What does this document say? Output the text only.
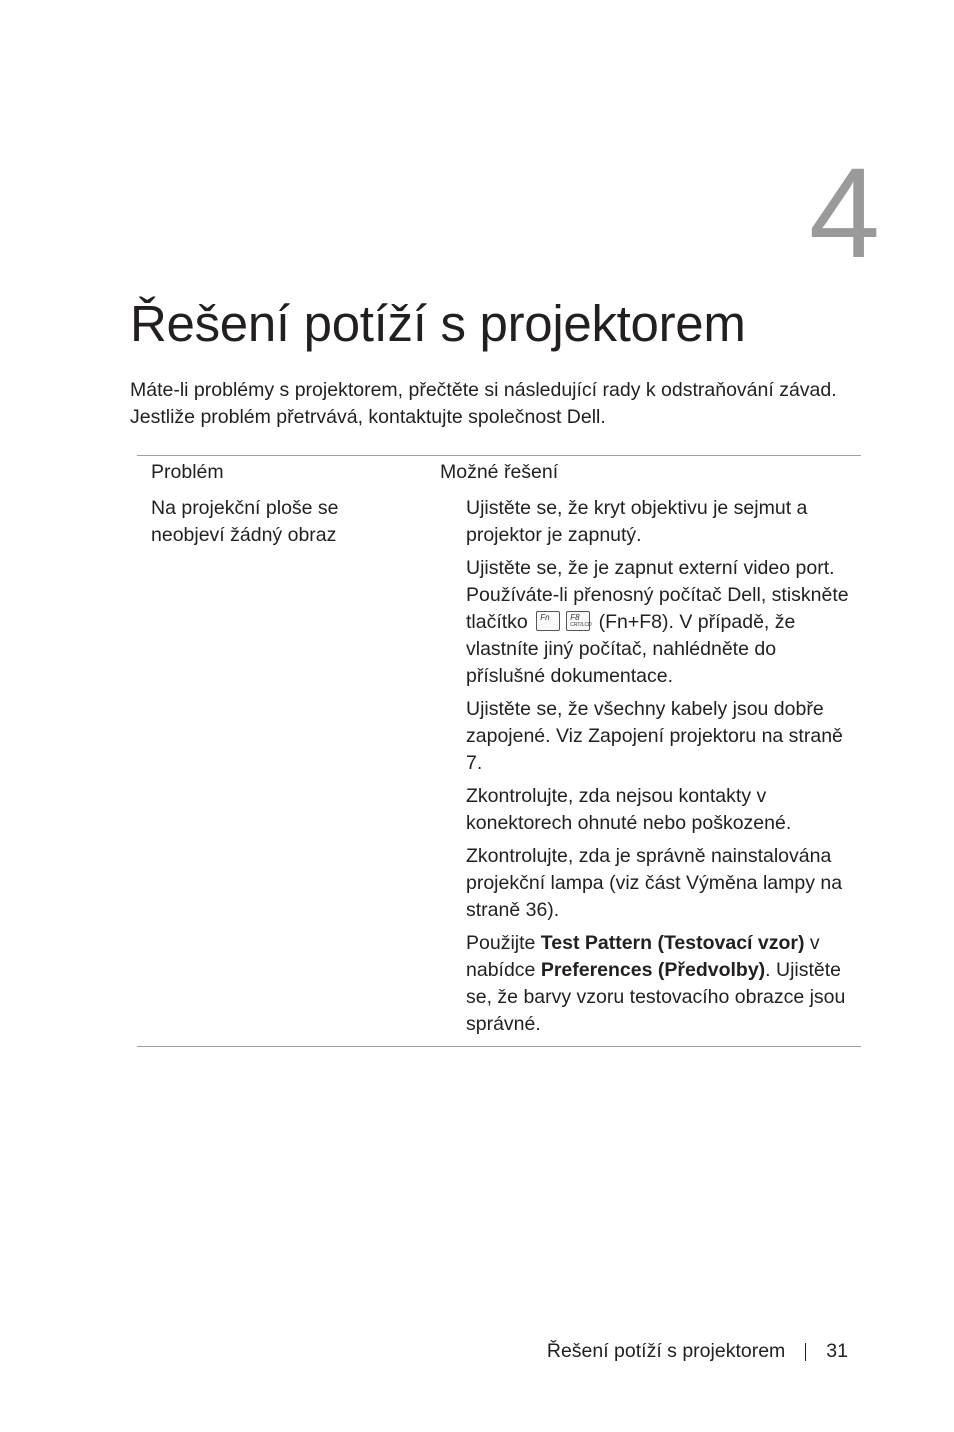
4
Řešení potíží s projektorem

Máte-li problémy s projektorem, přečtěte si následující rady k odstraňování závad. Jestliže problém přetrvává, kontaktujte společnost Dell.

Problém	Možné řešení
Na projekční ploše se neobjeví žádný obraz

Ujistěte se, že kryt objektivu je sejmut a projektor je zapnutý.

Ujistěte se, že je zapnut externí video port. Používáte-li přenosný počítač Dell, stiskněte tlačítko Fn	F8
CRT/LCD (Fn+F8). V případě, že vlastníte jiný počítač, nahlédněte do příslušné dokumentace.

Ujistěte se, že všechny kabely jsou dobře zapojené. Viz Zapojení projektoru na straně 7.

Zkontrolujte, zda nejsou kontakty v konektorech ohnuté nebo poškozené.

Zkontrolujte, zda je správně nainstalována projekční lampa (viz část Výměna lampy na straně 36).

Použijte Test Pattern (Testovací vzor) v nabídce Preferences (Předvolby). Ujistěte se, že barvy vzoru testovacího obrazce jsou správné.

Řešení potíží s projektorem 31
